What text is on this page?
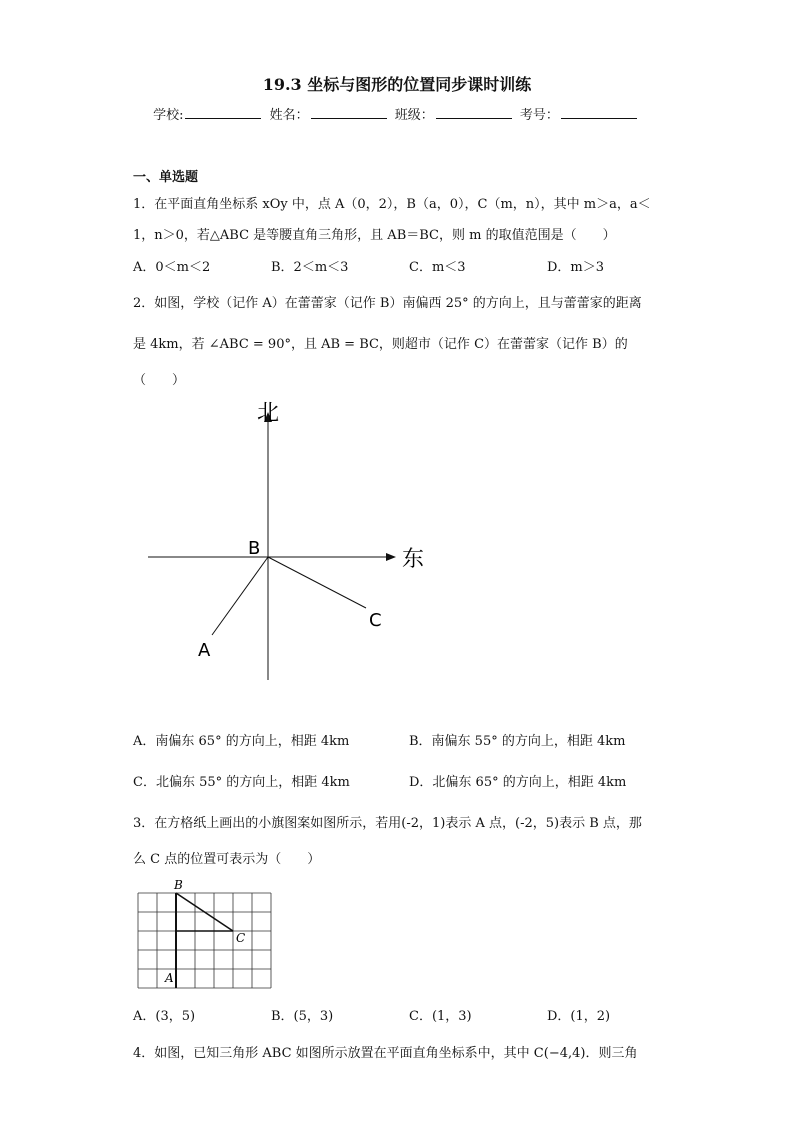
19.3 坐标与图形的位置同步课时训练
学校:	姓名：	班级：	考号：
一、单选题
1．在平面直角坐标系 xOy 中，点 A（0，2），B（a，0），C（m，n），其中 m＞a，a＜
1，n＞0，若△ABC 是等腰直角三角形，且 AB＝BC，则 m 的取值范围是（　　）
A．0＜m＜2	B．2＜m＜3	C．m＜3	D．m＞3
2．如图，学校（记作 A）在蕾蕾家（记作 B）南偏西 25° 的方向上，且与蕾蕾家的距离
是 4km，若 ∠ABC = 90°，且 AB = BC，则超市（记作 C）在蕾蕾家（记作 B）的
（　　）
北
东
B
C
A
A．南偏东 65° 的方向上，相距 4km	B．南偏东 55° 的方向上，相距 4km
C．北偏东 55° 的方向上，相距 4km	D．北偏东 65° 的方向上，相距 4km
3．在方格纸上画出的小旗图案如图所示，若用(-2，1)表示 A 点，(-2，5)表示 B 点，那
么 C 点的位置可表示为（　　）
B
C
A
A．(3，5)	B．(5，3)	C．(1，3)	D．(1，2)
4．如图，已知三角形 ABC 如图所示放置在平面直角坐标系中，其中 C(−4,4)．则三角
